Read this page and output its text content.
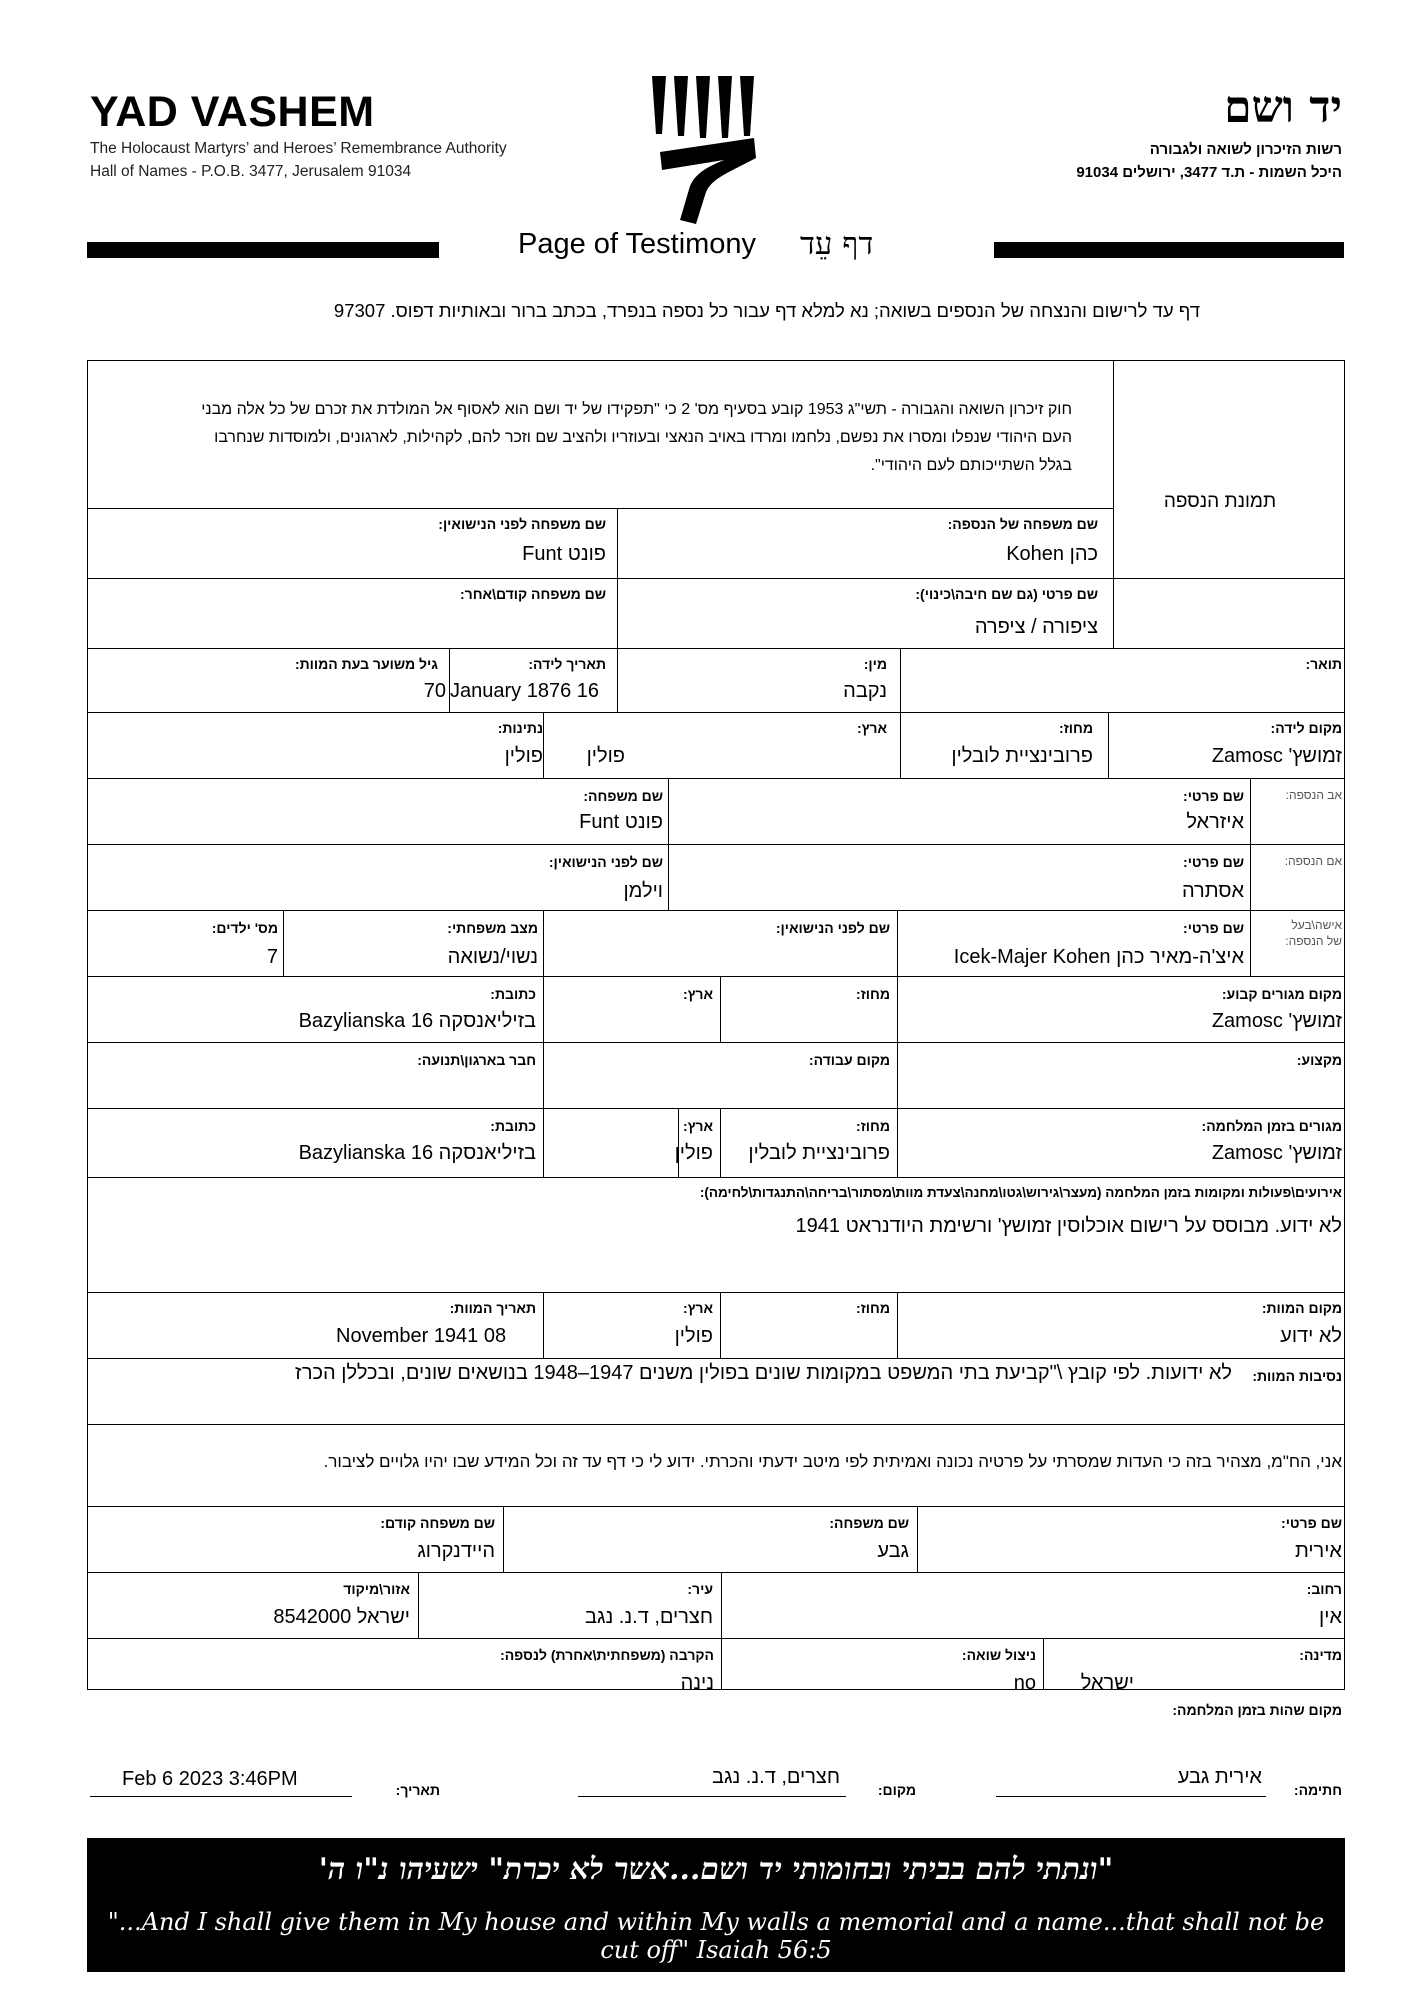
YAD VASHEM
The Holocaust Martyrs’ and Heroes’ Remembrance Authority
Hall of Names - P.O.B. 3477, Jerusalem 91034
יד ושם
רשות הזיכרון לשואה ולגבורה
היכל השמות - ת.ד 3477, ירושלים 91034
Page of Testimony דף עֵד
דף עד לרישום והנצחה של הנספים בשואה; נא למלא דף עבור כל נספה בנפרד, בכתב ברור ובאותיות דפוס. 97307
חוק זיכרון השואה והגבורה - תשי"ג 1953 קובע בסעיף מס' 2 כי "תפקידו של יד ושם הוא לאסוף אל המולדת את זכרם של כל אלה מבני העם היהודי שנפלו ומסרו את נפשם, נלחמו ומרדו באויב הנאצי ובעוזריו ולהציב שם וזכר להם, לקהילות, לארגונים, ולמוסדות שנחרבו בגלל השתייכותם לעם היהודי".
תמונת הנספה
שם משפחה של הנספה:
כהן Kohen
שם משפחה לפני הנישואין:
פונט Funt
שם פרטי (גם שם חיבה\כינוי):
ציפורה / ציפרה
שם משפחה קודם\אחר:
תואר:
מין:
נקבה
תאריך לידה:
January 1876 16
גיל משוער בעת המוות:
70
מקום לידה:
זמושץ' Zamosc
מחוז:
פרובינציית לובלין
ארץ:
פולין
נתינות:
פולין
אב הנספה:
שם פרטי:
איזראל
שם משפחה:
פונט Funt
אם הנספה:
שם פרטי:
אסתרה
שם לפני הנישואין:
וילמן
אישה\בעל
של הנספה:
שם פרטי:
איצ'ה-מאיר כהן Icek-Majer Kohen
שם לפני הנישואין:
מצב משפחתי:
נשוי/נשואה
מס' ילדים:
7
מקום מגורים קבוע:
זמושץ' Zamosc
מחוז:
ארץ:
כתובת:
בזיליאנסקה 16 Bazylianska
מקצוע:
מקום עבודה:
חבר בארגון\תנועה:
מגורים בזמן המלחמה:
זמושץ' Zamosc
מחוז:
פרובינציית לובלין
ארץ:
פולין
כתובת:
בזיליאנסקה Bazylianska 16
אירועים\פעולות ומקומות בזמן המלחמה (מעצר\גירוש\גטו\מחנה\צעדת מוות\מסתור\בריחה\התנגדות\לחימה):
לא ידוע. מבוסס על רישום אוכלוסין זמושץ' ורשימת היודנראט 1941
מקום המוות:
לא ידוע
מחוז:
ארץ:
פולין
תאריך המוות:
November 1941 08
נסיבות המוות:
לא ידועות. לפי קובץ \"קביעת בתי המשפט במקומות שונים בפולין משנים 1947–1948 בנושאים שונים, ובכללן הכרז
אני, הח"מ, מצהיר בזה כי העדות שמסרתי על פרטיה נכונה ואמיתית לפי מיטב ידעתי והכרתי. ידוע לי כי דף עד זה וכל המידע שבו יהיו גלויים לציבור.
שם פרטי:
אירית
שם משפחה:
גבע
שם משפחה קודם:
היידנקרוג
רחוב:
אין
עיר:
חצרים, ד.נ. נגב
אזור\מיקוד
ישראל 8542000
מדינה:
ישראל
ניצול שואה:
no
הקרבה (משפחתית\אחרת) לנספה:
נינה
מקום שהות בזמן המלחמה:
חתימה:
אירית גבע
מקום:
חצרים, ד.נ. נגב
תאריך:
Feb 6 2023 3:46PM
"ונתתי להם בביתי ובחומותי יד ושם...אשר לא יכרת" ישעיהו נ"ו ה'
"...And I shall give them in My house and within My walls a memorial and a name...that shall not be cut off" Isaiah 56:5
